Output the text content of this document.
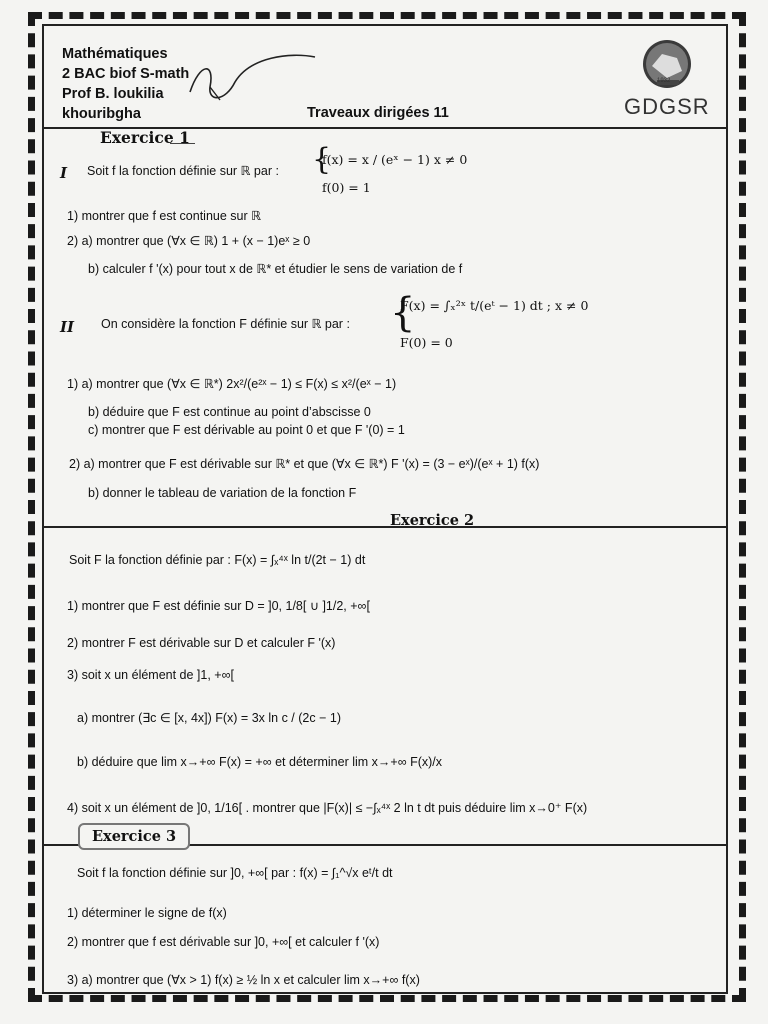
Mathématiques
2 BAC biof S-math
Prof B. loukilia
khouribgha	Traveaux dirigées 11
1932
GDGSR
Exercice 1
I Soit f la fonction définie sur ℝ par : {
f(x) = x / (eˣ − 1) x ≠ 0
f(0) = 1
1) montrer que f est continue sur ℝ
2) a) montrer que (∀x ∈ ℝ) 1 + (x − 1)eˣ ≥ 0
b) calculer f '(x) pour tout x de ℝ* et étudier le sens de variation de f
II On considère la fonction F définie sur ℝ par : {
F(x) = ∫ₓ²ˣ t/(eᵗ − 1) dt ; x ≠ 0
F(0) = 0
1) a) montrer que (∀x ∈ ℝ*) 2x²/(e²ˣ − 1) ≤ F(x) ≤ x²/(eˣ − 1)
b) déduire que F est continue au point d’abscisse 0
c) montrer que F est dérivable au point 0 et que F '(0) = 1
2) a) montrer que F est dérivable sur ℝ* et que (∀x ∈ ℝ*) F '(x) = (3 − eˣ)/(eˣ + 1) f(x)
b) donner le tableau de variation de la fonction F
Exercice 2
Soit F la fonction définie par : F(x) = ∫ₓ⁴ˣ ln t/(2t − 1) dt
1) montrer que F est définie sur D = ]0, 1/8[ ∪ ]1/2, +∞[
2) montrer F est dérivable sur D et calculer F '(x)
3) soit x un élément de ]1, +∞[
a) montrer (∃c ∈ [x, 4x]) F(x) = 3x ln c / (2c − 1)
b) déduire que lim x→+∞ F(x) = +∞ et déterminer lim x→+∞ F(x)/x
4) soit x un élément de ]0, 1/16[ . montrer que |F(x)| ≤ −∫ₓ⁴ˣ 2 ln t dt puis déduire lim x→0⁺ F(x)
Exercice 3
Soit f la fonction définie sur ]0, +∞[ par : f(x) = ∫₁^√x eᵗ/t dt
1) déterminer le signe de f(x)
2) montrer que f est dérivable sur ]0, +∞[ et calculer f '(x)
3) a) montrer que (∀x > 1) f(x) ≥ ½ ln x et calculer lim x→+∞ f(x)
